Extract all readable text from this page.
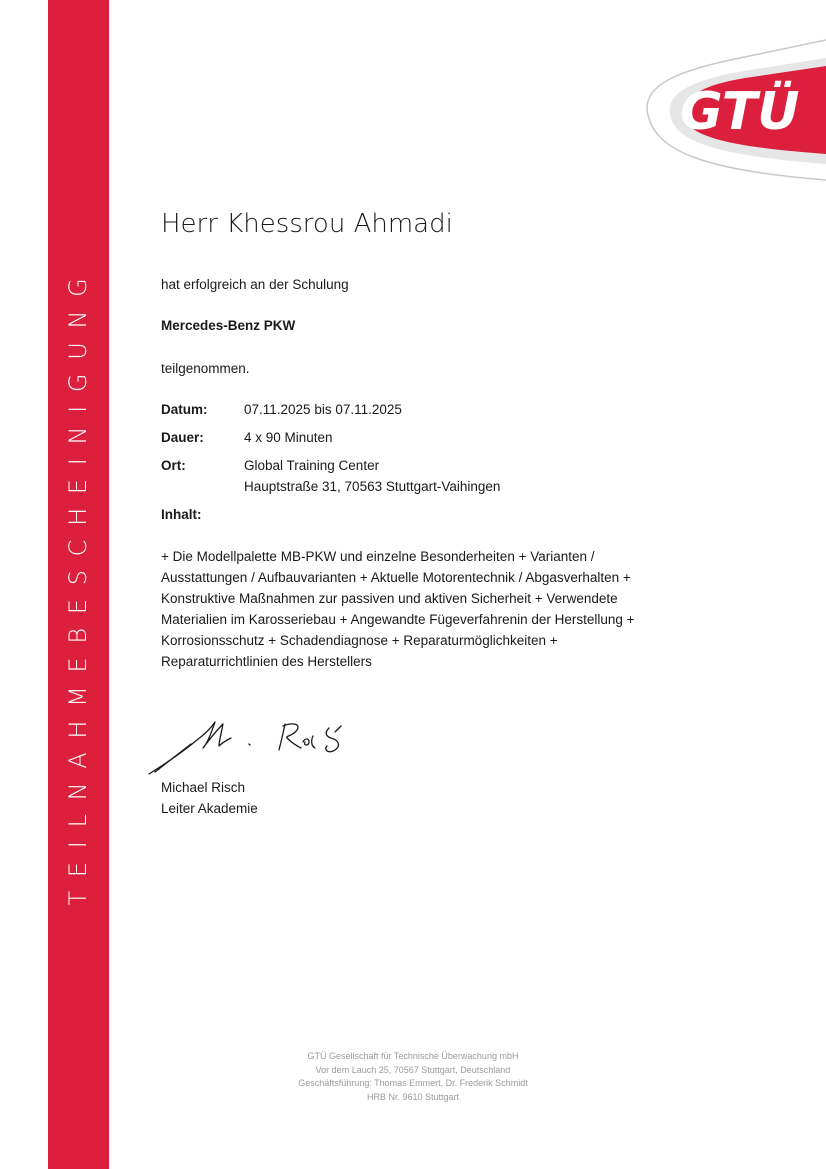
TEILNAHMEBESCHEINIGUNG
GTÜ
Herr Khessrou Ahmadi
hat erfolgreich an der Schulung
Mercedes-Benz PKW
teilgenommen.
Datum:	07.11.2025 bis 07.11.2025
Dauer:	4 x 90 Minuten
Ort:	Global Training Center
Hauptstraße 31, 70563 Stuttgart-Vaihingen
Inhalt:
+ Die Modellpalette MB-PKW und einzelne Besonderheiten + Varianten /
Ausstattungen / Aufbauvarianten + Aktuelle Motorentechnik / Abgasverhalten +
Konstruktive Maßnahmen zur passiven und aktiven Sicherheit + Verwendete
Materialien im Karosseriebau + Angewandte Fügeverfahrenin der Herstellung +
Korrosionsschutz + Schadendiagnose + Reparaturmöglichkeiten +
Reparaturrichtlinien des Herstellers
Michael Risch
Leiter Akademie
GTÜ Gesellschaft für Technische Überwachung mbH
Vor dem Lauch 25, 70567 Stuttgart, Deutschland
Geschäftsführung: Thomas Emmert, Dr. Frederik Schmidt
HRB Nr. 9610 Stuttgart
